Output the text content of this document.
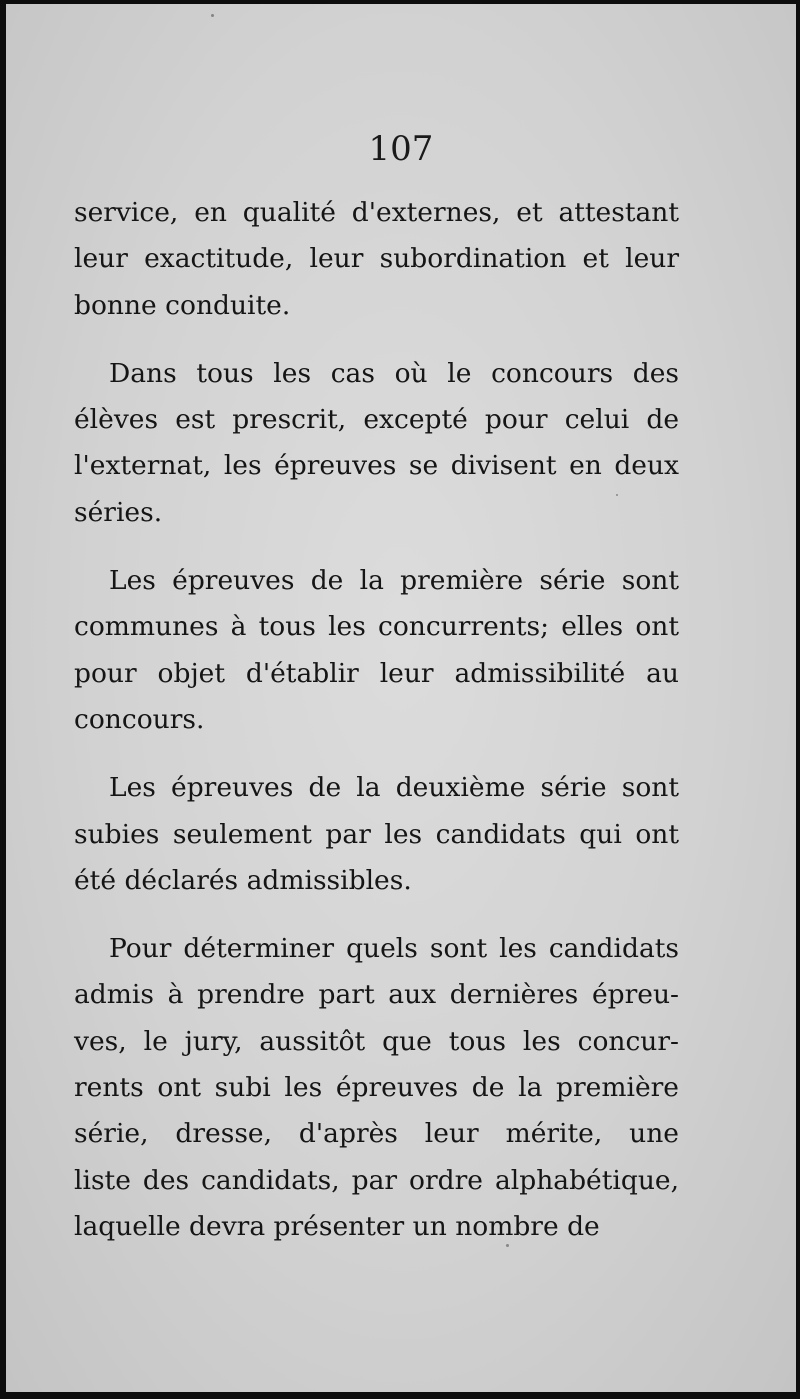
107

service, en qualité d'externes, et attestant
leur exactitude, leur subordination et leur
bonne conduite.

Dans tous les cas où le concours des
élèves est prescrit, excepté pour celui de
l'externat, les épreuves se divisent en deux
séries.

Les épreuves de la première série sont
communes à tous les concurrents; elles ont
pour objet d'établir leur admissibilité au
concours.

Les épreuves de la deuxième série sont
subies seulement par les candidats qui ont
été déclarés admissibles.

Pour déterminer quels sont les candidats
admis à prendre part aux dernières épreu-
ves, le jury, aussitôt que tous les concur-
rents ont subi les épreuves de la première
série, dresse, d'après leur mérite, une
liste des candidats, par ordre alphabétique,
laquelle devra présenter un nombre de
